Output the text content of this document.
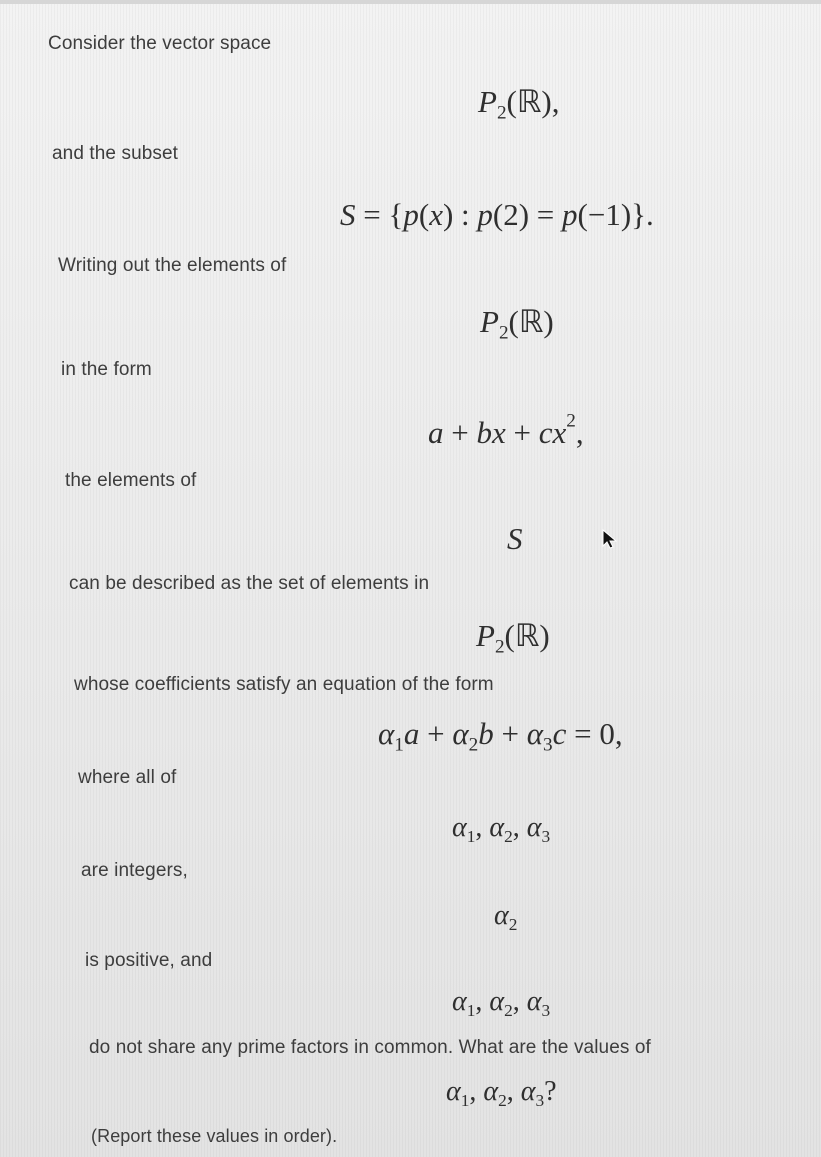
Consider the vector space
$P_2(ℝ)$,
and the subset
S = {p(x) : p(2) = p(−1)}.
Writing out the elements of
$P_2(ℝ)$
in the form
a + bx + $cx^2$,
the elements of
S
can be described as the set of elements in
$P_2(ℝ)$
whose coefficients satisfy an equation of the form
$\alpha_1a + \alpha_2b + \alpha_3c = 0$,
where all of
$\alpha_1$, $\alpha_2$, $\alpha_3$
are integers,
$\alpha_2$
is positive, and
$\alpha_1$, $\alpha_2$, $\alpha_3$
do not share any prime factors in common. What are the values of
$\alpha_1$, $\alpha_2$, $\alpha_3$?
(Report these values in order).
